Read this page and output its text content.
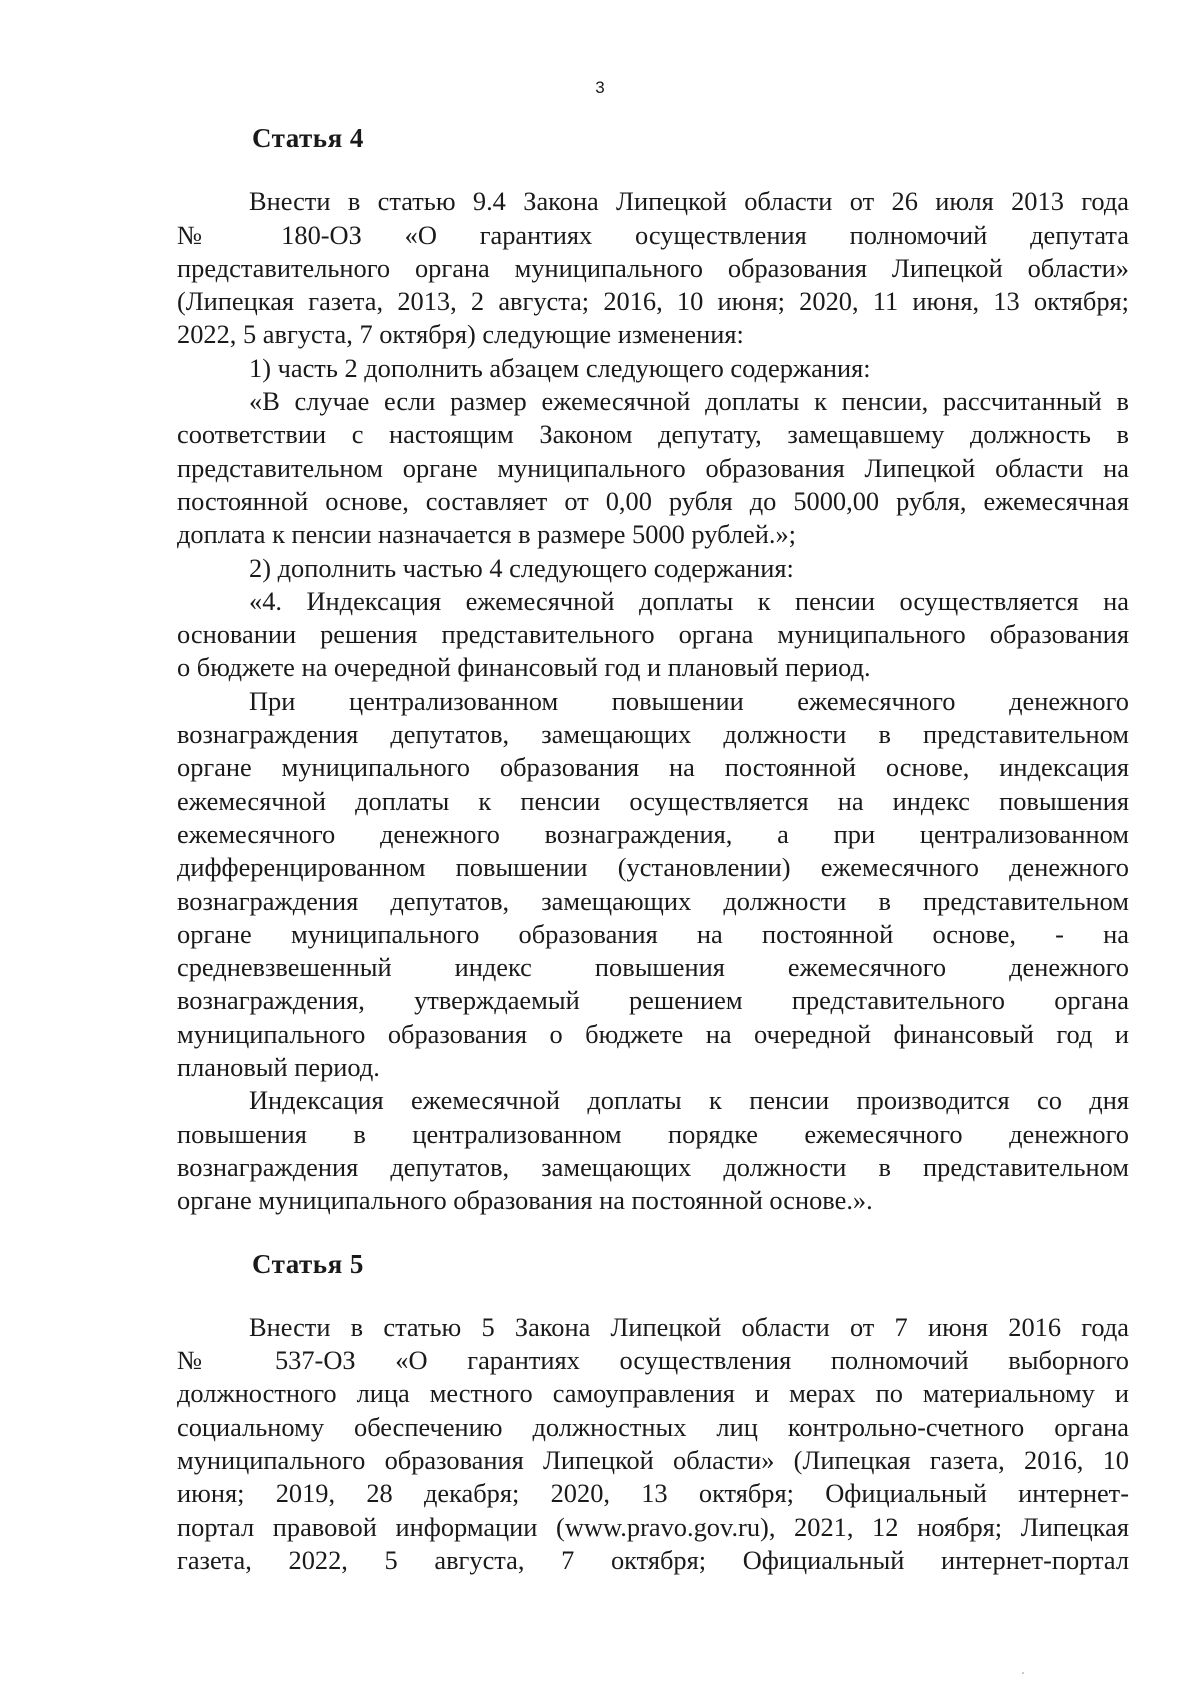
3
Статья 4
Внести в статью 9.4 Закона Липецкой области от 26 июля 2013 года
№ 180-ОЗ «О гарантиях осуществления полномочий депутата
представительного органа муниципального образования Липецкой области»
(Липецкая газета, 2013, 2 августа; 2016, 10 июня; 2020, 11 июня, 13 октября;
2022, 5 августа, 7 октября) следующие изменения:
1) часть 2 дополнить абзацем следующего содержания:
«В случае если размер ежемесячной доплаты к пенсии, рассчитанный в
соответствии с настоящим Законом депутату, замещавшему должность в
представительном органе муниципального образования Липецкой области на
постоянной основе, составляет от 0,00 рубля до 5000,00 рубля, ежемесячная
доплата к пенсии назначается в размере 5000 рублей.»;
2) дополнить частью 4 следующего содержания:
«4. Индексация ежемесячной доплаты к пенсии осуществляется на
основании решения представительного органа муниципального образования
о бюджете на очередной финансовый год и плановый период.
При централизованном повышении ежемесячного денежного
вознаграждения депутатов, замещающих должности в представительном
органе муниципального образования на постоянной основе, индексация
ежемесячной доплаты к пенсии осуществляется на индекс повышения
ежемесячного денежного вознаграждения, а при централизованном
дифференцированном повышении (установлении) ежемесячного денежного
вознаграждения депутатов, замещающих должности в представительном
органе муниципального образования на постоянной основе, - на
средневзвешенный индекс повышения ежемесячного денежного
вознаграждения, утверждаемый решением представительного органа
муниципального образования о бюджете на очередной финансовый год и
плановый период.
Индексация ежемесячной доплаты к пенсии производится со дня
повышения в централизованном порядке ежемесячного денежного
вознаграждения депутатов, замещающих должности в представительном
органе муниципального образования на постоянной основе.».
Статья 5
Внести в статью 5 Закона Липецкой области от 7 июня 2016 года
№ 537-ОЗ «О гарантиях осуществления полномочий выборного
должностного лица местного самоуправления и мерах по материальному и
социальному обеспечению должностных лиц контрольно-счетного органа
муниципального образования Липецкой области» (Липецкая газета, 2016, 10
июня; 2019, 28 декабря; 2020, 13 октября; Официальный интернет-
портал правовой информации (www.pravo.gov.ru), 2021, 12 ноября; Липецкая
газета, 2022, 5 августа, 7 октября; Официальный интернет-портал
